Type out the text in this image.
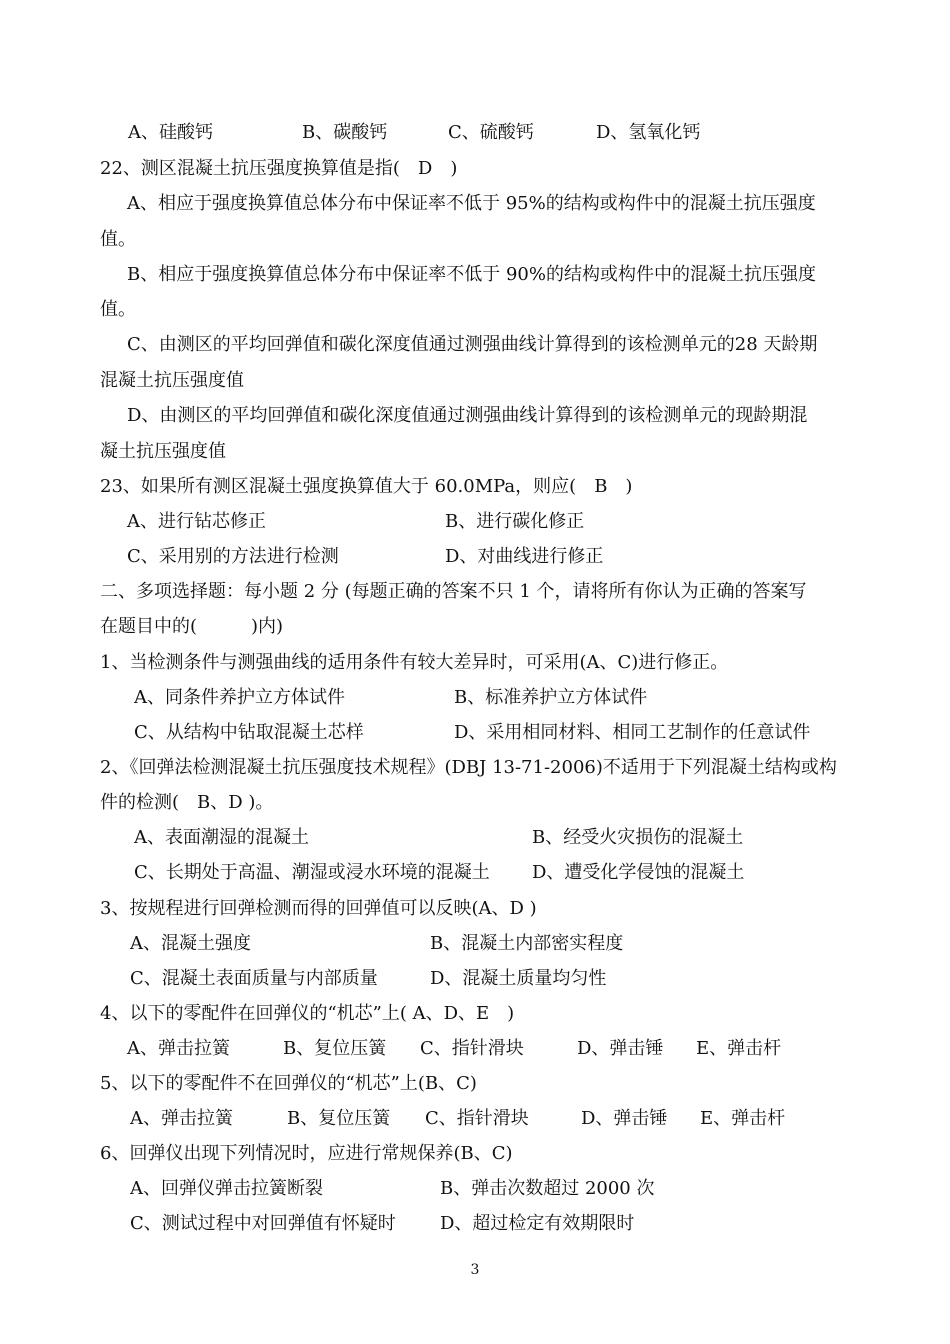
A、硅酸钙	B、碳酸钙	C、硫酸钙	D、氢氧化钙
22、测区混凝土抗压强度换算值是指(　D　)
A、相应于强度换算值总体分布中保证率不低于 95%的结构或构件中的混凝土抗压强度
值。
B、相应于强度换算值总体分布中保证率不低于 90%的结构或构件中的混凝土抗压强度
值。
C、由测区的平均回弹值和碳化深度值通过测强曲线计算得到的该检测单元的28 天龄期
混凝土抗压强度值
D、由测区的平均回弹值和碳化深度值通过测强曲线计算得到的该检测单元的现龄期混
凝土抗压强度值
23、如果所有测区混凝土强度换算值大于 60.0MPa，则应(　B　)
A、进行钻芯修正	B、进行碳化修正
C、采用别的方法进行检测	D、对曲线进行修正
二、多项选择题：每小题 2 分 (每题正确的答案不只 1 个，请将所有你认为正确的答案写
在题目中的(　　　)内)
1、当检测条件与测强曲线的适用条件有较大差异时，可采用(A、C)进行修正。
A、同条件养护立方体试件	B、标准养护立方体试件
C、从结构中钻取混凝土芯样	D、采用相同材料、相同工艺制作的任意试件
2、《回弹法检测混凝土抗压强度技术规程》(DBJ 13-71-2006)不适用于下列混凝土结构或构
件的检测(　B、D )。
A、表面潮湿的混凝土	B、经受火灾损伤的混凝土
C、长期处于高温、潮湿或浸水环境的混凝土 D、遭受化学侵蚀的混凝土
3、按规程进行回弹检测而得的回弹值可以反映(A、D )
A、混凝土强度	B、混凝土内部密实程度
C、混凝土表面质量与内部质量	D、混凝土质量均匀性
4、以下的零配件在回弹仪的“机芯”上( A、D、E　)
A、弹击拉簧	B、复位压簧 C、指针滑块	D、弹击锤 E、弹击杆
5、以下的零配件不在回弹仪的“机芯”上(B、C)
A、弹击拉簧	B、复位压簧 C、指针滑块	D、弹击锤 E、弹击杆
6、回弹仪出现下列情况时，应进行常规保养(B、C)
A、回弹仪弹击拉簧断裂	B、弹击次数超过 2000 次
C、测试过程中对回弹值有怀疑时 D、超过检定有效期限时
3
